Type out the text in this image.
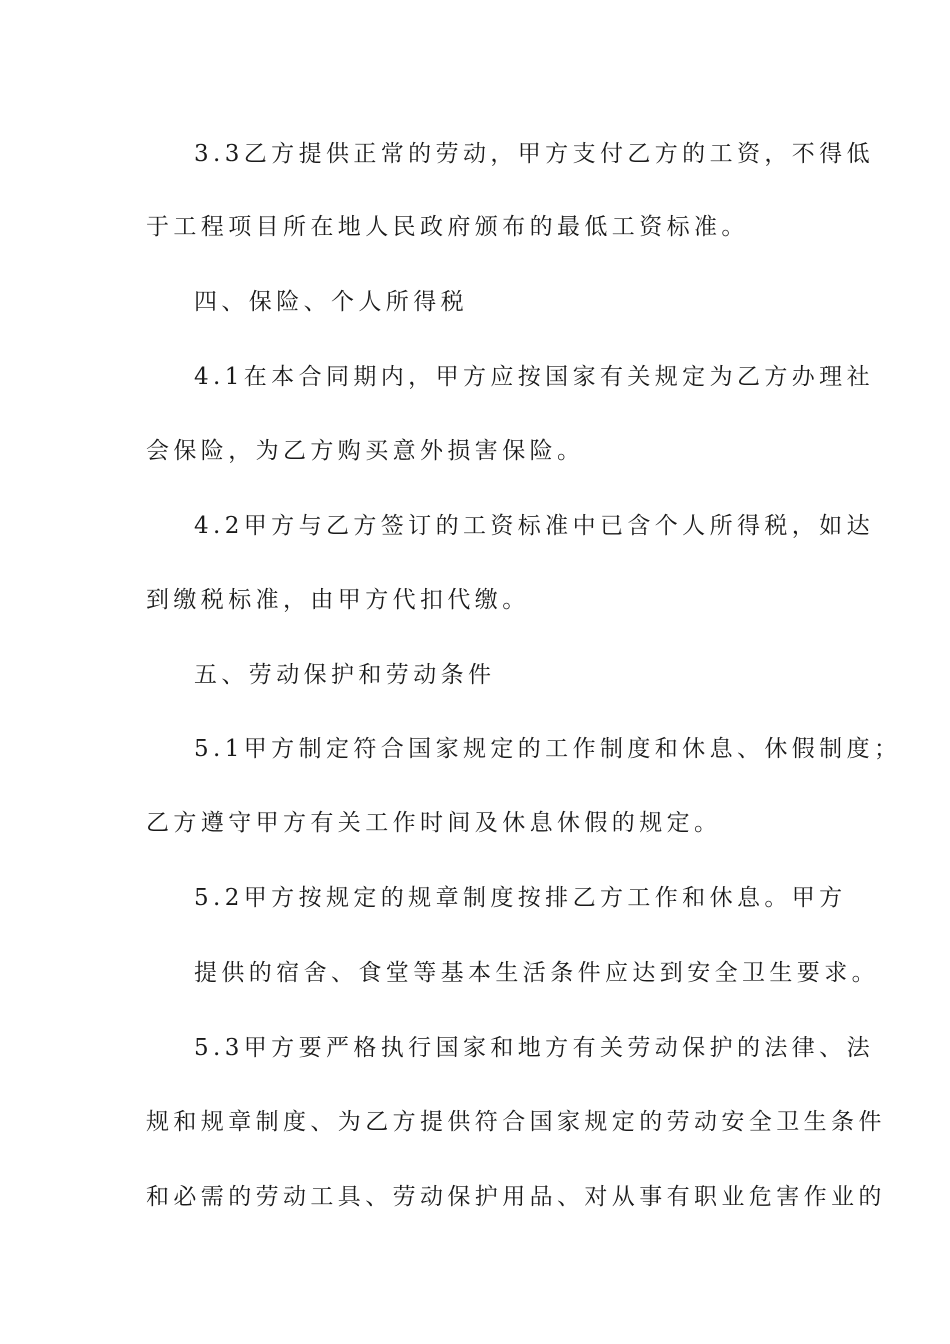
3.3乙方提供正常的劳动，甲方支付乙方的工资，不得低
于工程项目所在地人民政府颁布的最低工资标准。
四、保险、个人所得税
4.1在本合同期内，甲方应按国家有关规定为乙方办理社
会保险，为乙方购买意外损害保险。
4.2甲方与乙方签订的工资标准中已含个人所得税，如达
到缴税标准，由甲方代扣代缴。
五、劳动保护和劳动条件
5.1甲方制定符合国家规定的工作制度和休息、休假制度；
乙方遵守甲方有关工作时间及休息休假的规定。
5.2甲方按规定的规章制度按排乙方工作和休息。甲方
提供的宿舍、食堂等基本生活条件应达到安全卫生要求。
5.3甲方要严格执行国家和地方有关劳动保护的法律、法
规和规章制度、为乙方提供符合国家规定的劳动安全卫生条件
和必需的劳动工具、劳动保护用品、对从事有职业危害作业的
